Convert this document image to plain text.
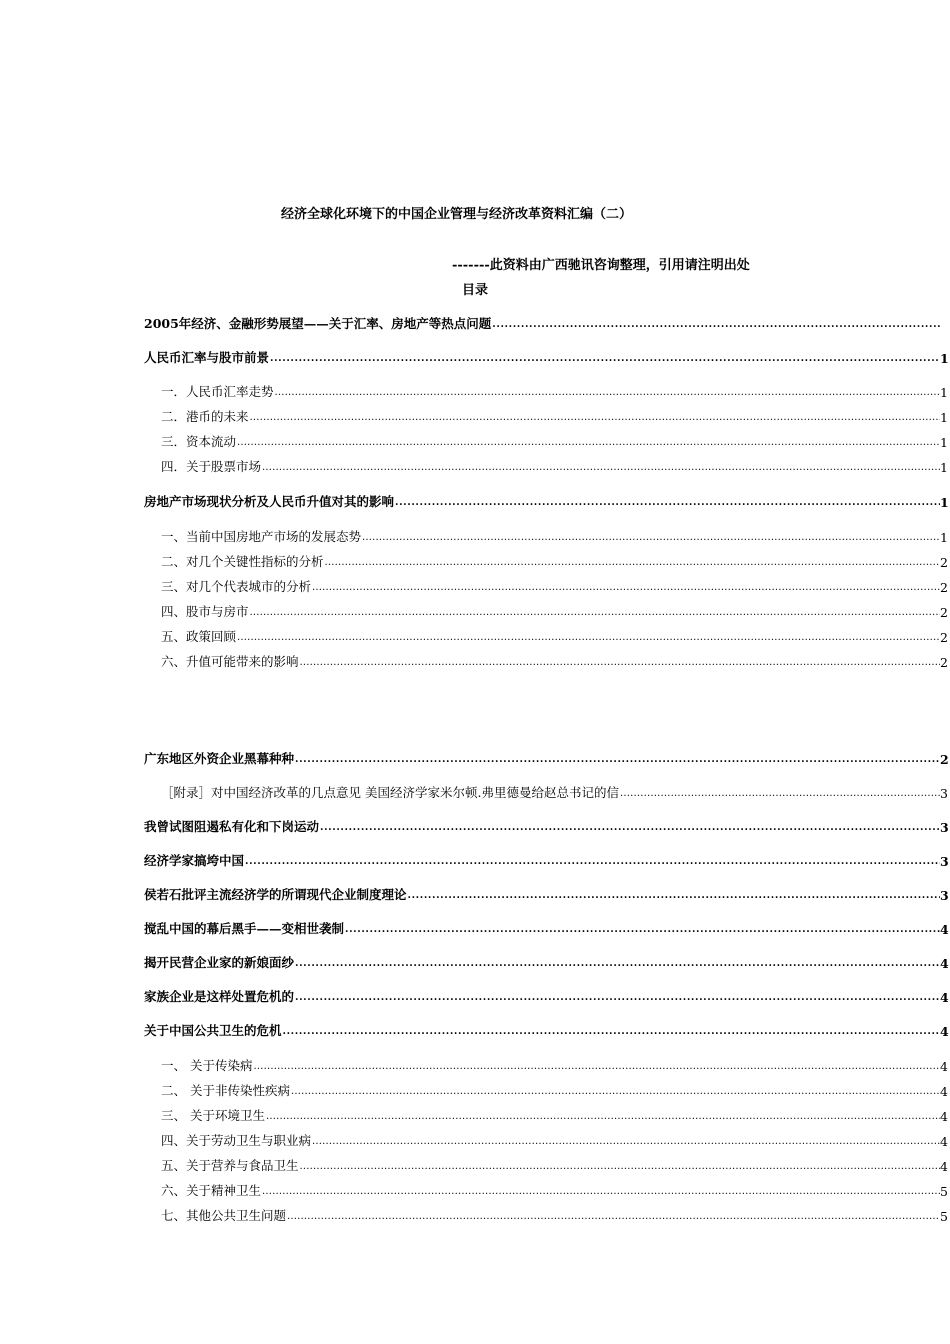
经济全球化环境下的中国企业管理与经济改革资料汇编（二）
-------此资料由广西驰讯咨询整理，引用请注明出处
目录
2005年经济、金融形势展望——关于汇率、房地产等热点问题
.....
人民币汇率与股市前景 .....	1
一．人民币汇率走势 .....	1
二．港币的未来 .....	1
三．资本流动 .....	1
四．关于股票市场 .....	1
房地产市场现状分析及人民币升值对其的影响 .....	1
一、当前中国房地产市场的发展态势 .....	1
二、对几个关键性指标的分析 .....	2
三、对几个代表城市的分析 .....	2
四、股市与房市 .....	2
五、政策回顾 .....	2
六、升值可能带来的影响 .....	2
广东地区外资企业黑幕种种 .....	2
［附录］对中国经济改革的几点意见 美国经济学家米尔顿.弗里德曼给赵总书记的信 .....	3
我曾试图阻遏私有化和下岗运动 .....	3
经济学家搞垮中国 .....	3
侯若石批评主流经济学的所谓现代企业制度理论 .....	3
搅乱中国的幕后黑手——变相世袭制 .....	4
揭开民营企业家的新娘面纱 .....	4
家族企业是这样处置危机的 .....	4
关于中国公共卫生的危机 .....	4
一、 关于传染病 .....	4
二、 关于非传染性疾病 .....	4
三、 关于环境卫生 .....	4
四、关于劳动卫生与职业病 .....	4
五、关于营养与食品卫生 .....	4
六、关于精神卫生 .....	5
七、其他公共卫生问题 .....	5
